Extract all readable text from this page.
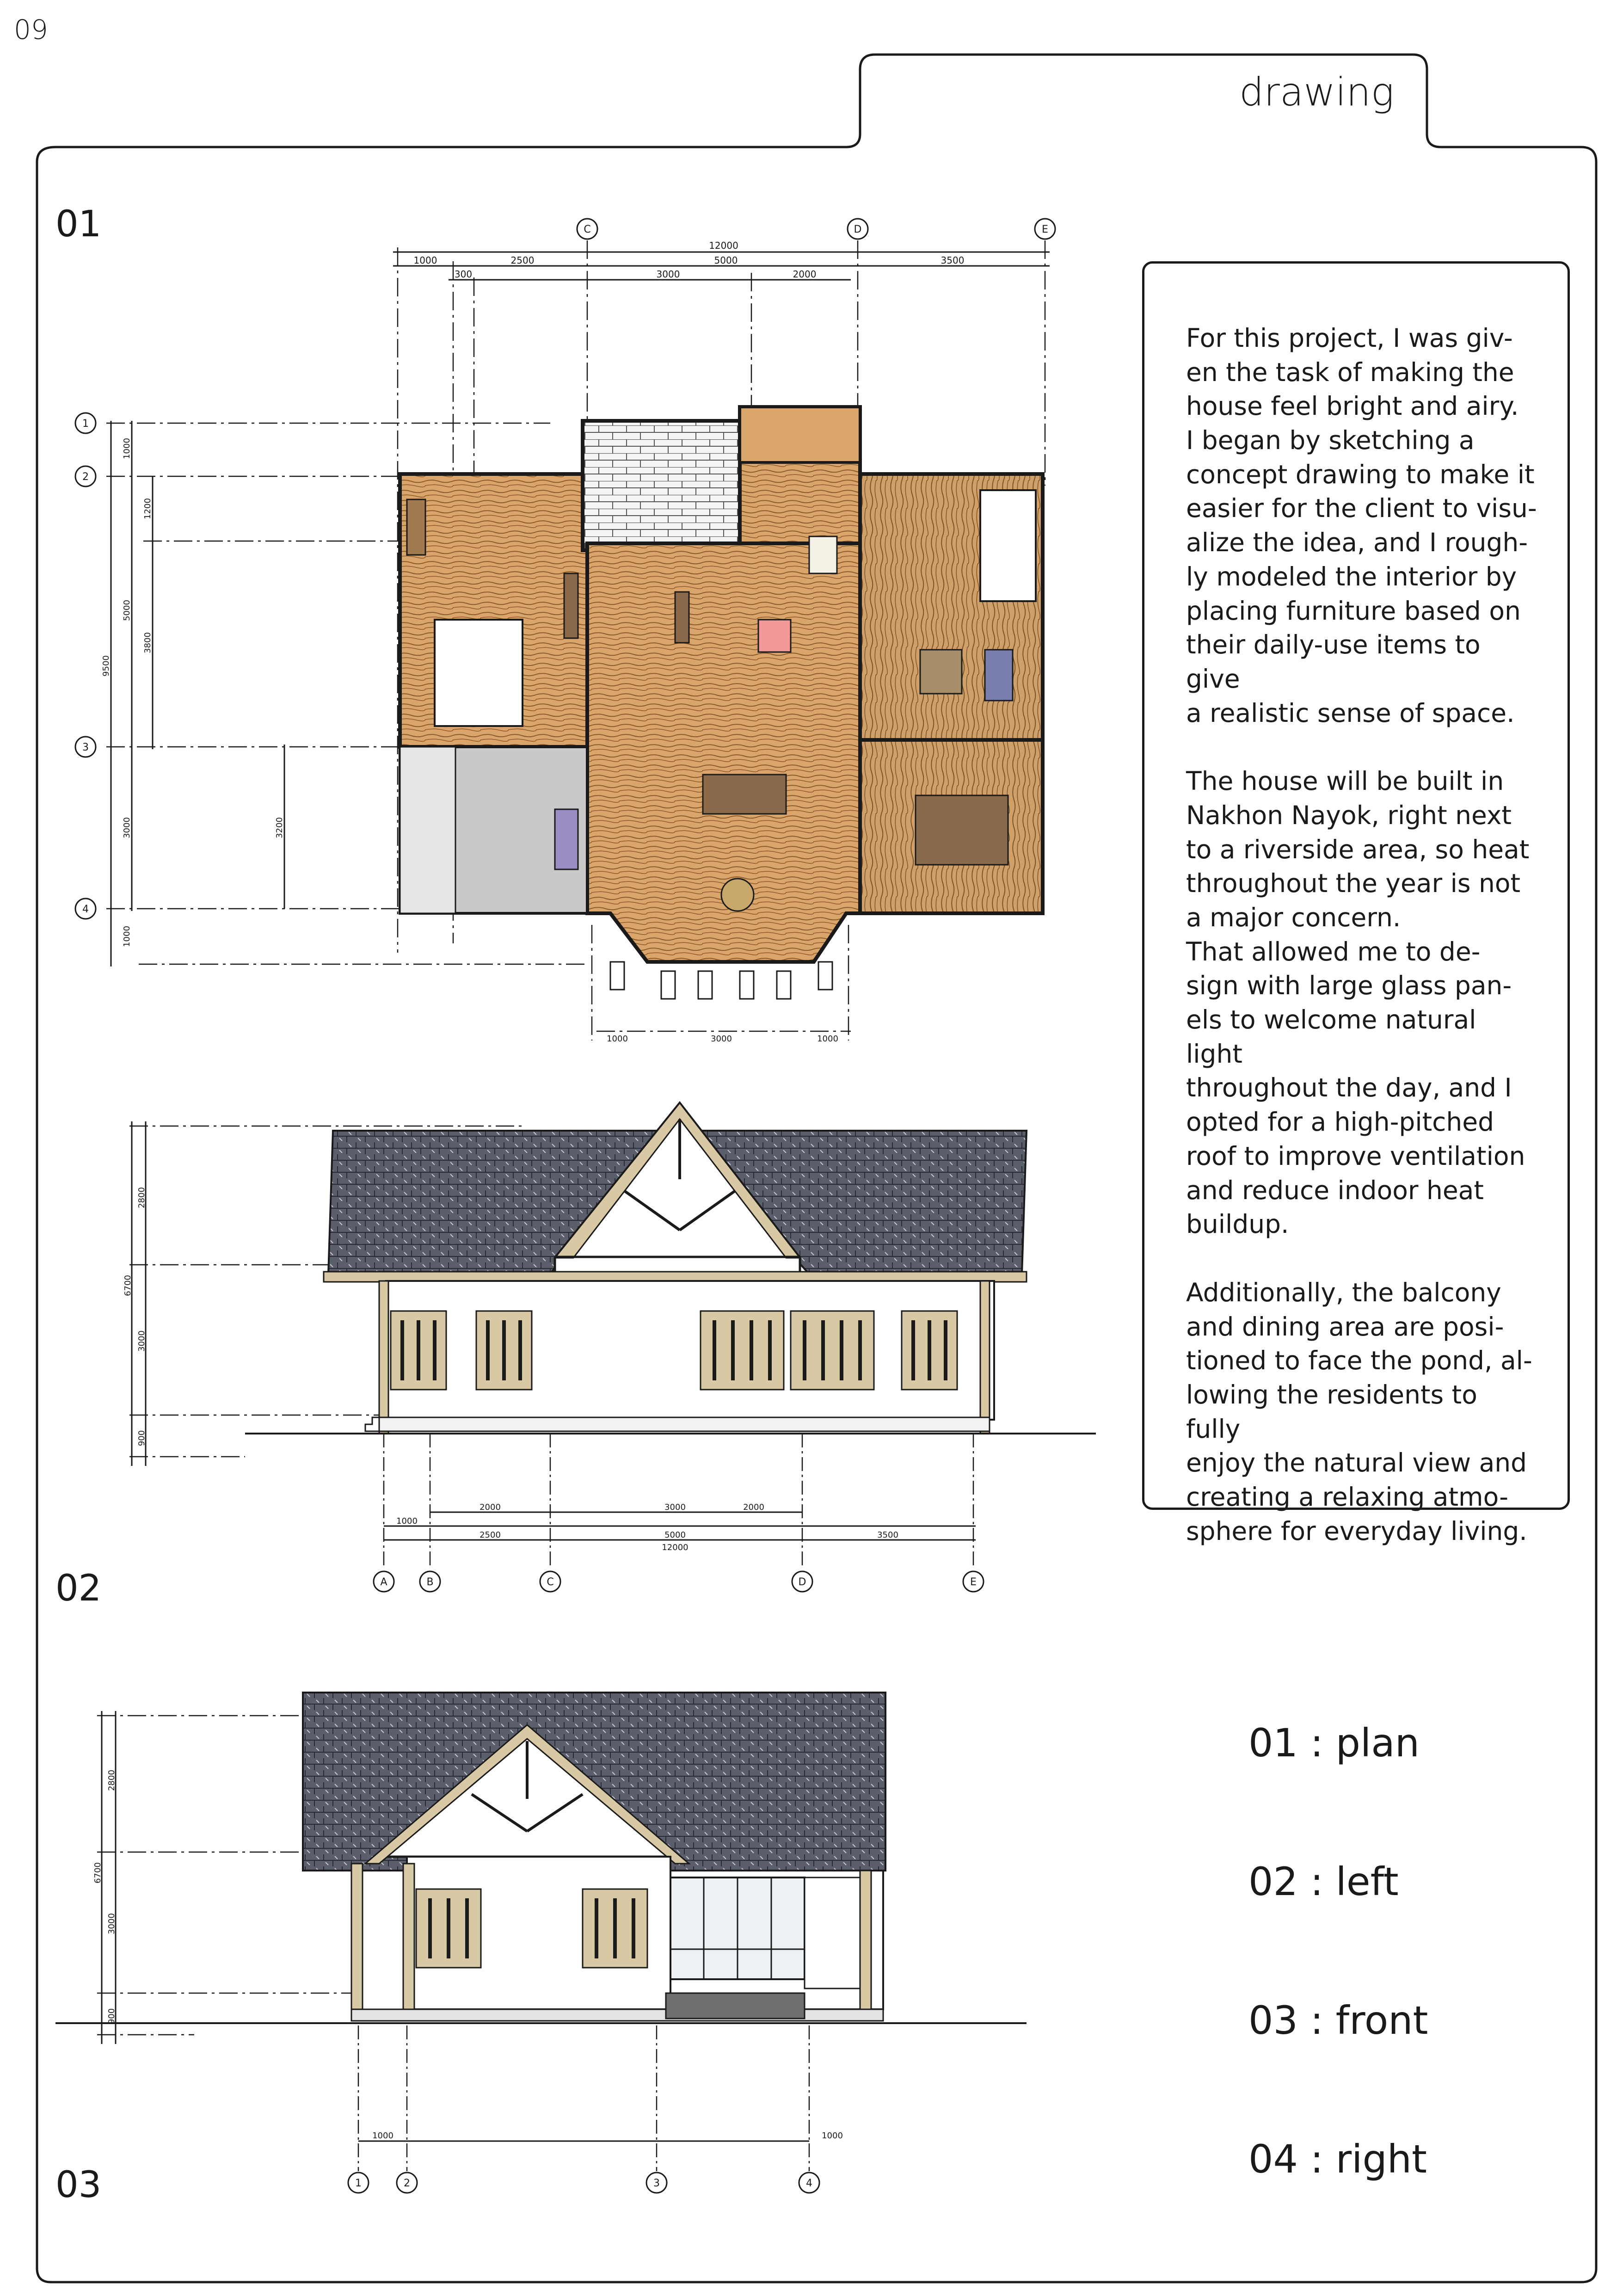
09
drawing
01
02
03
12000
1000	2500
300
5000
3000	2000
3500
1000
1200
5000
3800
9500
3200
3000
1000
1000	3000	1000
C	D	E
1
2
3
4
2800
6700
3000
900
1000
2500
2000	3000	2000
5000	3500
12000
A	B	C	D	E
2800
6700
3000
900
1000	1000
1	2	3	4

For this project, I was giv-
en the task of making the
house feel bright and airy.
I began by sketching a
concept drawing to make it
easier for the client to visu-
alize the idea, and I rough-
ly modeled the interior by
placing furniture based on
their daily-use items to give
a realistic sense of space.

The house will be built in
Nakhon Nayok, right next
to a riverside area, so heat
throughout the year is not
a major concern.
That allowed me to de-
sign with large glass pan-
els to welcome natural light
throughout the day, and I
opted for a high-pitched
roof to improve ventilation
and reduce indoor heat
buildup.

Additionally, the balcony
and dining area are posi-
tioned to face the pond, al-
lowing the residents to fully
enjoy the natural view and
creating a relaxing atmo-
sphere for everyday living.

01 : plan
02 : left
03 : front
04 : right
